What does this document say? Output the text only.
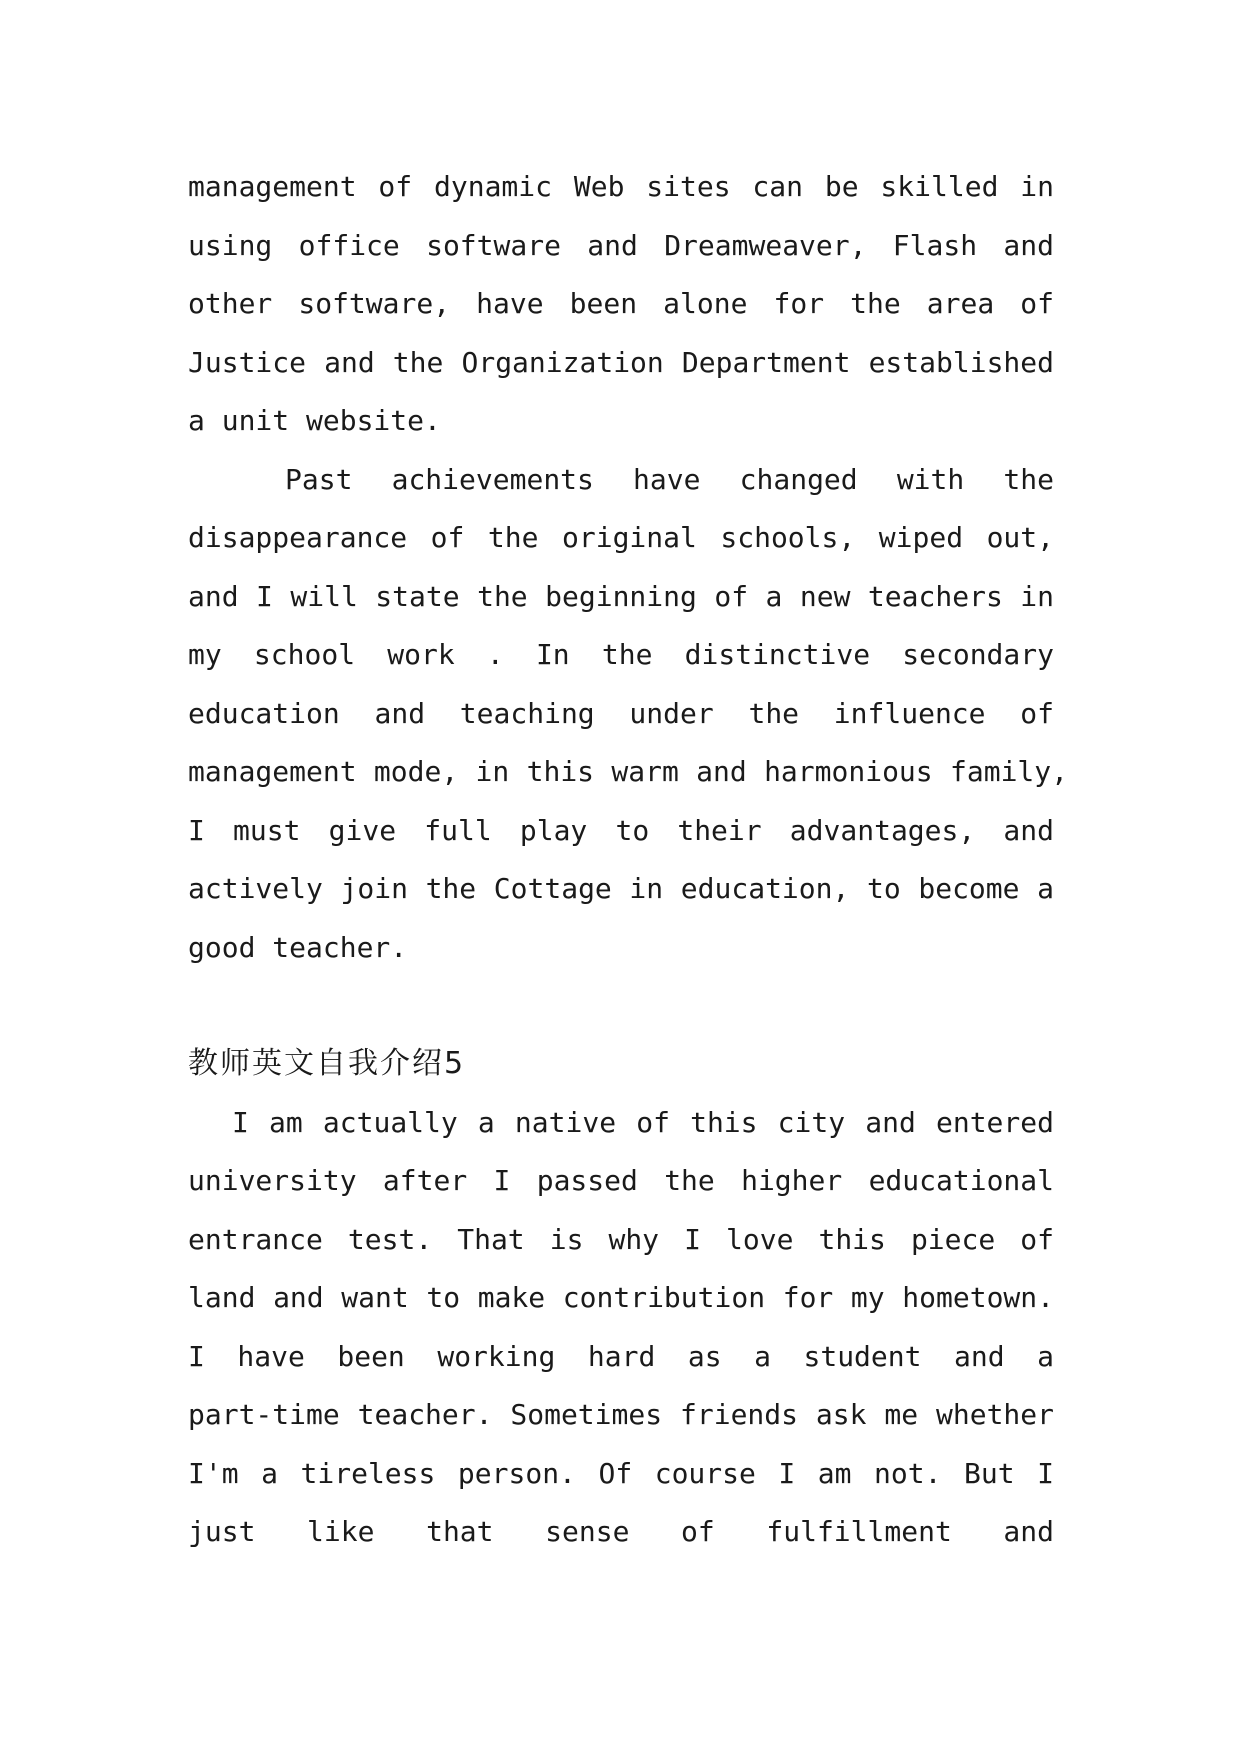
management of dynamic Web sites can be skilled in
using office software and Dreamweaver, Flash and
other software, have been alone for the area of
Justice and the Organization Department established
a unit website.

Past achievements have changed with the
disappearance of the original schools, wiped out,
and I will state the beginning of a new teachers in
my school work . In the distinctive secondary
education and teaching under the influence of
management mode, in this warm and harmonious family,
I must give full play to their advantages, and
actively join the Cottage in education, to become a
good teacher.

教师英文自我介绍5

I am actually a native of this city and entered
university after I passed the higher educational
entrance test. That is why I love this piece of
land and want to make contribution for my hometown.
I have been working hard as a student and a
part-time teacher. Sometimes friends ask me whether
I'm a tireless person. Of course I am not. But I
just like that sense of fulfillment and
